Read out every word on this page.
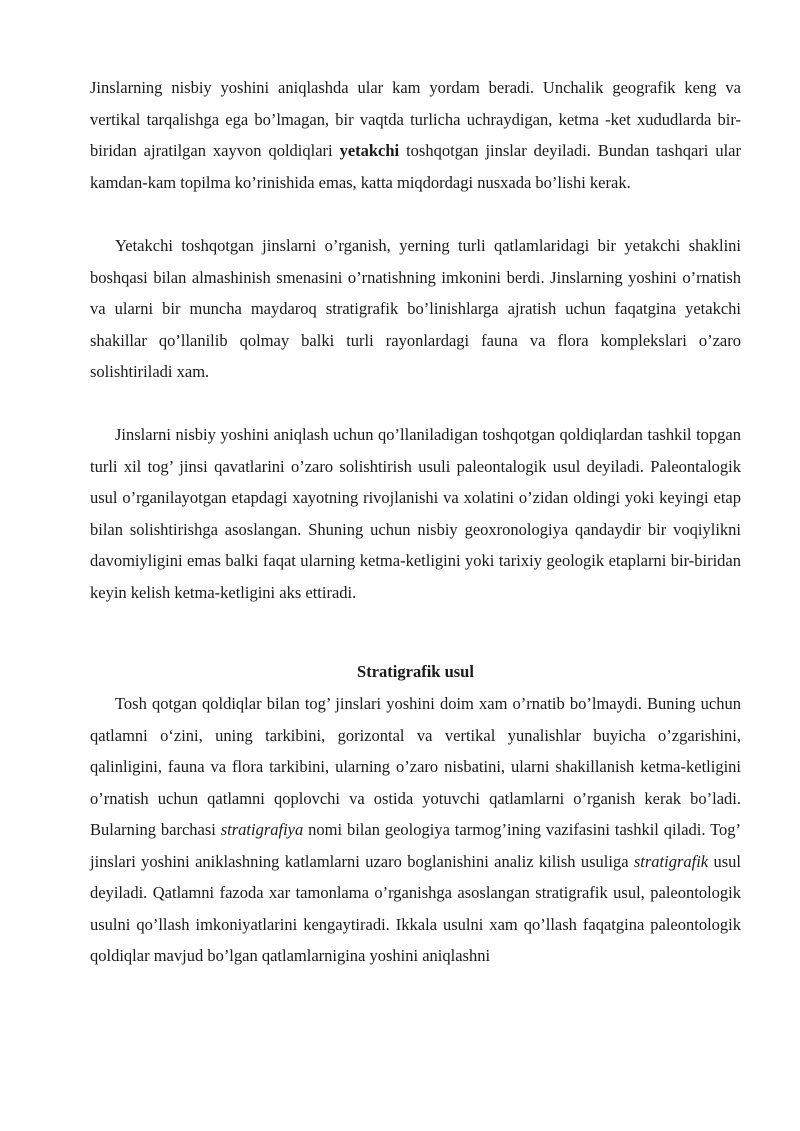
Jinslarning nisbiy yoshini aniqlashda ular kam yordam beradi. Unchalik geografik keng va vertikal tarqalishga ega bo’lmagan, bir vaqtda turlicha uchraydigan, ketma -ket xududlarda bir-biridan ajratilgan xayvon qoldiqlari yetakchi toshqotgan jinslar deyiladi. Bundan tashqari ular kamdan-kam topilma ko’rinishida emas, katta miqdordagi nusxada bo’lishi kerak.

Yetakchi toshqotgan jinslarni o’rganish, yerning turli qatlamlaridagi bir yetakchi shaklini boshqasi bilan almashinish smenasini o’rnatishning imkonini berdi. Jinslarning yoshini o’rnatish va ularni bir muncha maydaroq stratigrafik bo’linishlarga ajratish uchun faqatgina yetakchi shakillar qo’llanilib qolmay balki turli rayonlardagi fauna va flora komplekslari o’zaro solishtiriladi xam.

Jinslarni nisbiy yoshini aniqlash uchun qo’llaniladigan toshqotgan qoldiqlardan tashkil topgan turli xil tog’ jinsi qavatlarini o’zaro solishtirish usuli paleontalogik usul deyiladi. Paleontalogik usul o’rganilayotgan etapdagi xayotning rivojlanishi va xolatini o’zidan oldingi yoki keyingi etap bilan solishtirishga asoslangan. Shuning uchun nisbiy geoxronologiya qandaydir bir voqiylikni davomiyligini emas balki faqat ularning ketma-ketligini yoki tarixiy geologik etaplarni bir-biridan keyin kelish ketma-ketligini aks ettiradi.

Stratigrafik usul

Tosh qotgan qoldiqlar bilan tog’ jinslari yoshini doim xam o’rnatib bo’lmaydi. Buning uchun qatlamni o‘zini, uning tarkibini, gorizontal va vertikal yunalishlar buyicha o’zgarishini, qalinligini, fauna va flora tarkibini, ularning o’zaro nisbatini, ularni shakillanish ketma-ketligini o’rnatish uchun qatlamni qoplovchi va ostida yotuvchi qatlamlarni o’rganish kerak bo’ladi. Bularning barchasi stratigrafiya nomi bilan geologiya tarmog’ining vazifasini tashkil qiladi. Tog’ jinslari yoshini aniklashning katlamlarni uzaro boglanishini analiz kilish usuliga stratigrafik usul deyiladi. Qatlamni fazoda xar tamonlama o’rganishga asoslangan stratigrafik usul, paleontologik usulni qo’llash imkoniyatlarini kengaytiradi. Ikkala usulni xam qo’llash faqatgina paleontologik qoldiqlar mavjud bo’lgan qatlamlarnigina yoshini aniqlashni
